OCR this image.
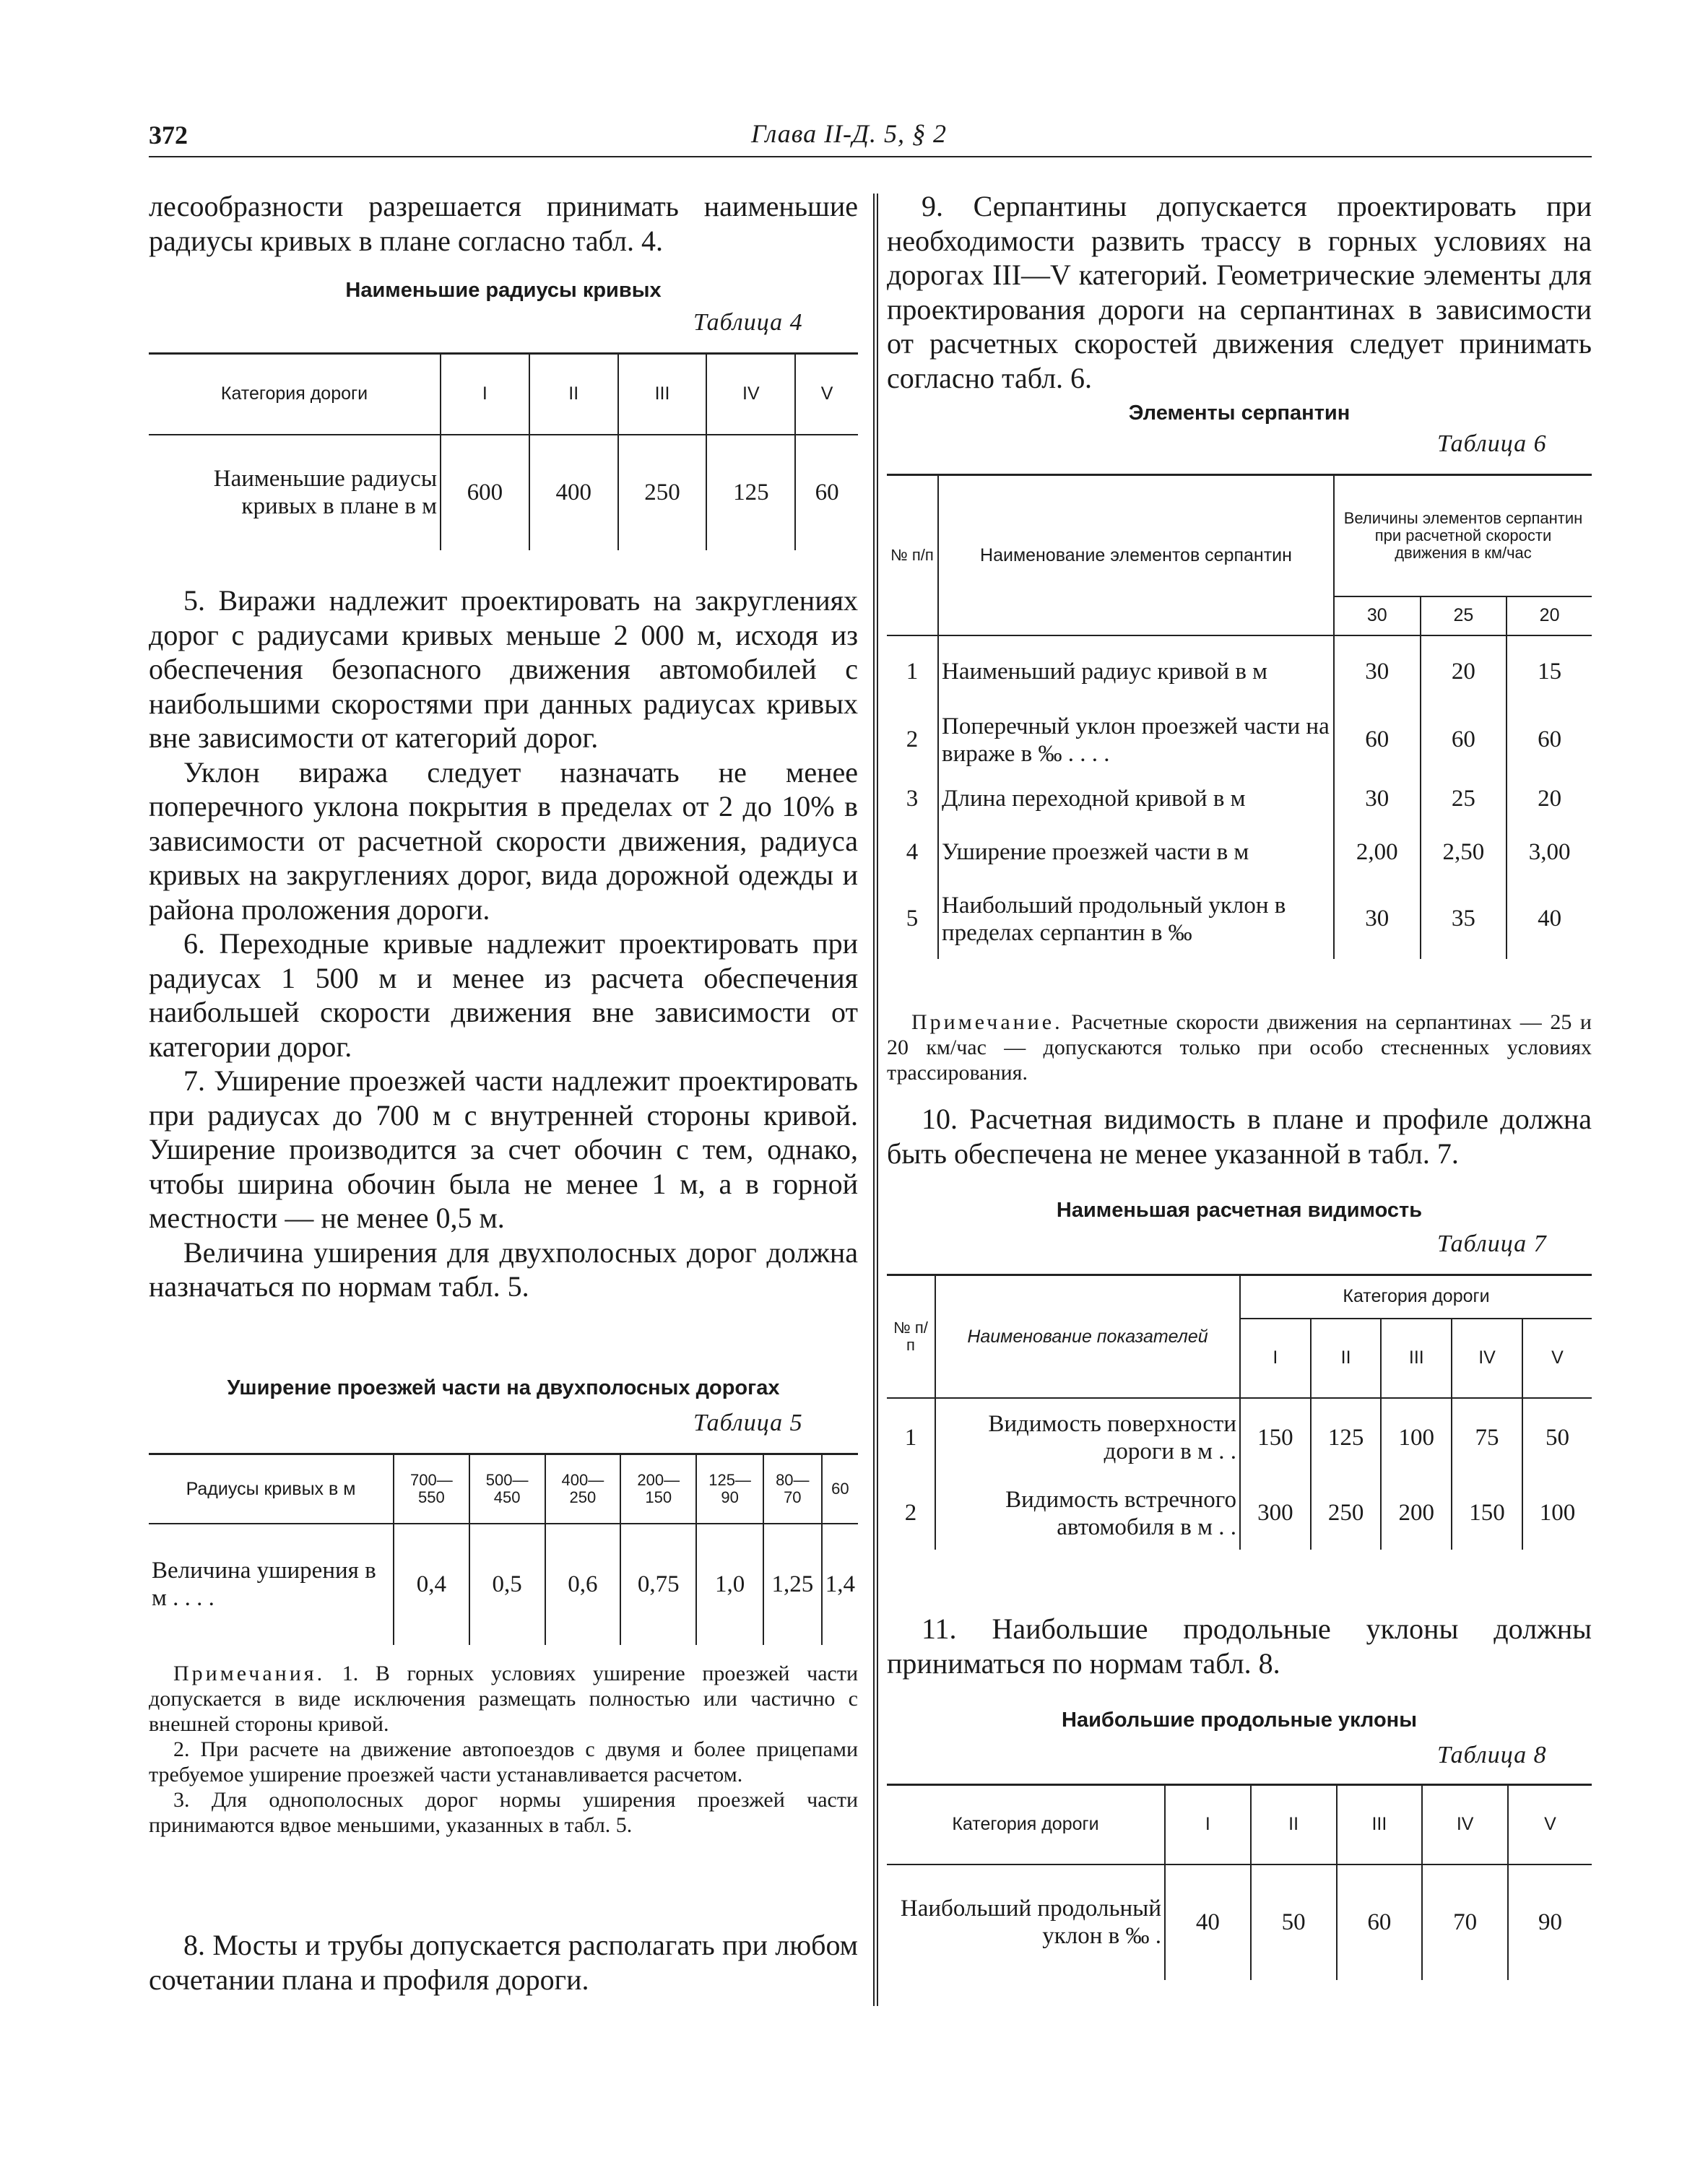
372	Глава II-Д. 5, § 2

лесообразности разрешается принимать наименьшие радиусы кривых в плане согласно табл. 4.

Наименьшие радиусы кривых
Таблица 4
Категория дороги	I	II	III	IV	V
Наименьшие радиусы кривых в плане в м	600	400	250	125	60

5. Виражи надлежит проектировать на закруглениях дорог с радиусами кривых меньше 2 000 м, исходя из обеспечения безопасного движения автомобилей с наибольшими скоростями при данных радиусах кривых вне зависимости от категорий дорог.

Уклон виража следует назначать не менее поперечного уклона покрытия в пределах от 2 до 10% в зависимости от расчетной скорости движения, радиуса кривых на закруглениях дорог, вида дорожной одежды и района проложения дороги.

6. Переходные кривые надлежит проектировать при радиусах 1 500 м и менее из расчета обеспечения наибольшей скорости движения вне зависимости от категории дорог.

7. Уширение проезжей части надлежит проектировать при радиусах до 700 м с внутренней стороны кривой. Уширение производится за счет обочин с тем, однако, чтобы ширина обочин была не менее 1 м, а в горной местности — не менее 0,5 м.

Величина уширения для двухполосных дорог должна назначаться по нормам табл. 5.

Уширение проезжей части на двухполосных дорогах
Таблица 5
Радиусы кривых в м	700—550	500—450	400—250	200—150	125—90	80—70	60
Величина уширения в м . . . .	0,4	0,5	0,6	0,75	1,0	1,25	1,4

Примечания. 1. В горных условиях уширение проезжей части допускается в виде исключения размещать полностью или частично с внешней стороны кривой.

2. При расчете на движение автопоездов с двумя и более прицепами требуемое уширение проезжей части устанавливается расчетом.

3. Для однополосных дорог нормы уширения проезжей части принимаются вдвое меньшими, указанных в табл. 5.

8. Мосты и трубы допускается располагать при любом сочетании плана и профиля дороги.

9. Серпантины допускается проектировать при необходимости развить трассу в горных условиях на дорогах III—V категорий. Геометрические элементы для проектирования дороги на серпантинах в зависимости от расчетных скоростей движения следует принимать согласно табл. 6.

Элементы серпантин
Таблица 6
№ п/п	Наименование элементов серпантин	Величины элементов серпантин при расчетной скорости движения в км/час		
		30	25	20
1	Наименьший радиус кривой в м	30	20	15
2	Поперечный уклон проезжей части на вираже в ‰ . . . .	60	60	60
3	Длина переходной кривой в м	30	25	20
4	Уширение проезжей части в м	2,00	2,50	3,00
5	Наибольший продольный уклон в пределах серпантин в ‰	30	35	40

Примечание. Расчетные скорости движения на серпантинах — 25 и 20 км/час — допускаются только при особо стесненных условиях трассирования.

10. Расчетная видимость в плане и профиле должна быть обеспечена не менее указанной в табл. 7.

Наименьшая расчетная видимость
Таблица 7
№ п/п	Наименование показателей	Категория дороги				
		I	II	III	IV	V
1	Видимость поверхности дороги в м . .	150	125	100	75	50
2	Видимость встречного автомобиля в м . .	300	250	200	150	100

11. Наибольшие продольные уклоны должны приниматься по нормам табл. 8.

Наибольшие продольные уклоны
Таблица 8
Категория дороги	I	II	III	IV	V
Наибольший продольный уклон в ‰ .	40	50	60	70	90
